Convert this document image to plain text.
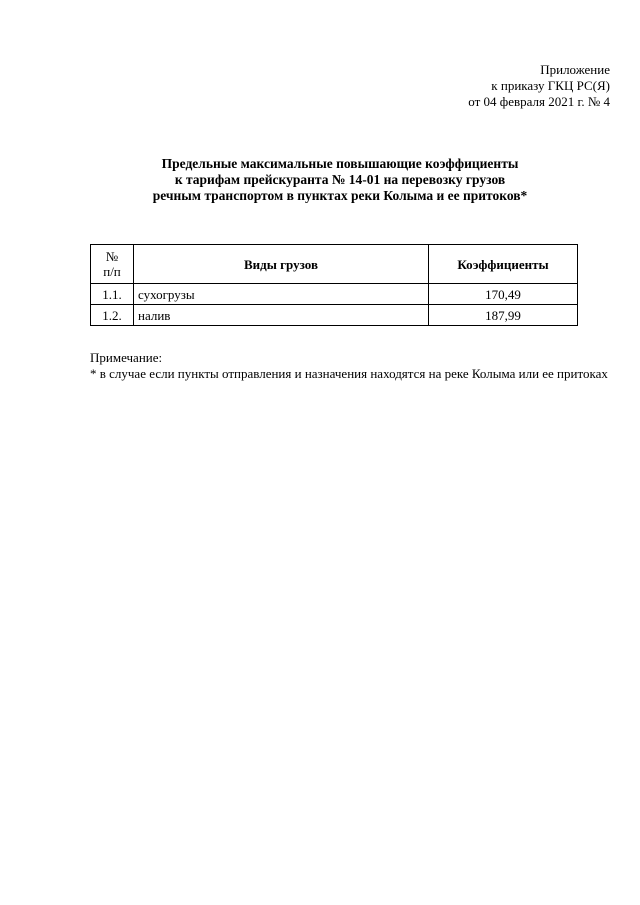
Приложение
к приказу ГКЦ РС(Я)
от 04 февраля 2021 г. № 4
Предельные максимальные повышающие коэффициенты
к тарифам прейскуранта № 14-01 на перевозку грузов
речным транспортом в пунктах реки Колыма и ее притоков*
№
п/п	Виды грузов	Коэффициенты
1.1.	сухогрузы	170,49
1.2.	налив	187,99
Примечание:
* в случае если пункты отправления и назначения находятся на реке Колыма или ее притоках
